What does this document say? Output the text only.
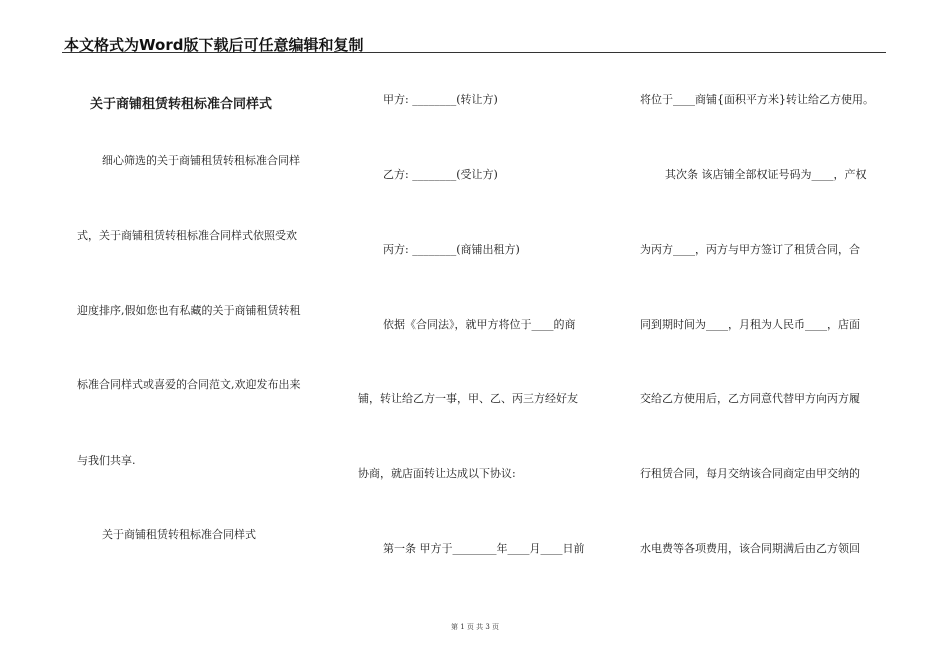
本文格式为Word版下载后可任意编辑和复制
关于商铺租赁转租标准合同样式
细心筛选的关于商铺租赁转租标准合同样
式，关于商铺租赁转租标准合同样式依照受欢
迎度排序,假如您也有私藏的关于商铺租赁转租
标准合同样式或喜爱的合同范文,欢迎发布出来
与我们共享.
关于商铺租赁转租标准合同样式
甲方: ________(转让方)
乙方: ________(受让方)
丙方: ________(商铺出租方)
依据《合同法》，就甲方将位于____的商
铺，转让给乙方一事，甲、乙、丙三方经好友
协商，就店面转让达成以下协议:
第一条 甲方于________年____月____日前
将位于____商铺{面积平方米}转让给乙方使用。
其次条 该店铺全部权证号码为____，产权
为丙方____，丙方与甲方签订了租赁合同，合
同到期时间为____，月租为人民币____，店面
交给乙方使用后，乙方同意代替甲方向丙方履
行租赁合同，每月交纳该合同商定由甲交纳的
水电费等各项费用，该合同期满后由乙方领回
第 1 页 共 3 页
